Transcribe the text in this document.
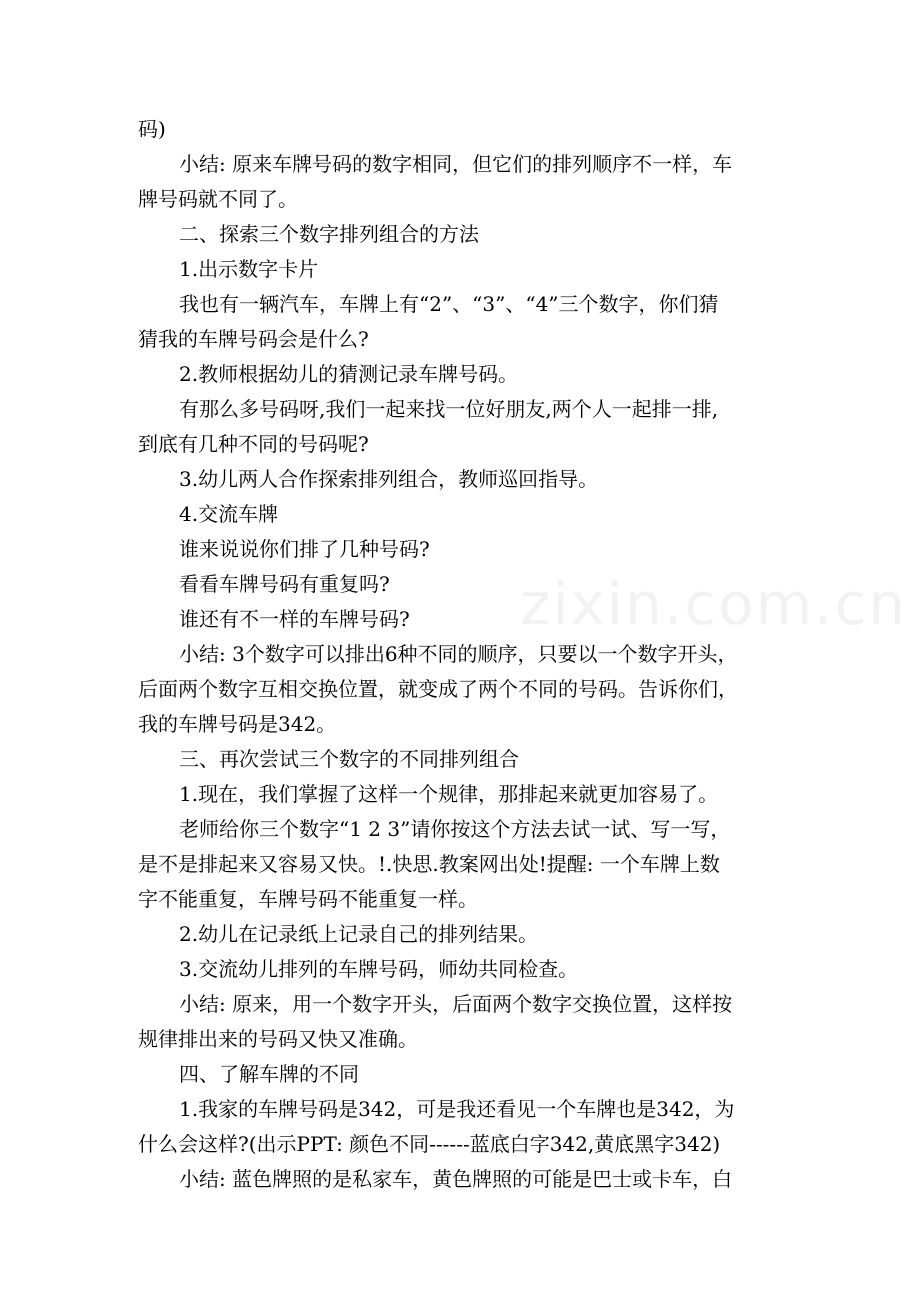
zixin.com.cn
码)
小结: 原来车牌号码的数字相同，但它们的排列顺序不一样，车
牌号码就不同了。
二、探索三个数字排列组合的方法
1.出示数字卡片
我也有一辆汽车，车牌上有“2”、“3”、“4”三个数字，你们猜
猜我的车牌号码会是什么?
2.教师根据幼儿的猜测记录车牌号码。
有那么多号码呀,我们一起来找一位好朋友,两个人一起排一排,
到底有几种不同的号码呢?
3.幼儿两人合作探索排列组合，教师巡回指导。
4.交流车牌
谁来说说你们排了几种号码?
看看车牌号码有重复吗?
谁还有不一样的车牌号码?
小结: 3个数字可以排出6种不同的顺序，只要以一个数字开头，
后面两个数字互相交换位置，就变成了两个不同的号码。告诉你们，
我的车牌号码是342。
三、再次尝试三个数字的不同排列组合
1.现在，我们掌握了这样一个规律，那排起来就更加容易了。
老师给你三个数字“1 2 3”请你按这个方法去试一试、写一写，
是不是排起来又容易又快。!.快思.教案网出处!提醒: 一个车牌上数
字不能重复，车牌号码不能重复一样。
2.幼儿在记录纸上记录自己的排列结果。
3.交流幼儿排列的车牌号码，师幼共同检查。
小结: 原来，用一个数字开头，后面两个数字交换位置，这样按
规律排出来的号码又快又准确。
四、了解车牌的不同
1.我家的车牌号码是342，可是我还看见一个车牌也是342，为
什么会这样?(出示PPT: 颜色不同------蓝底白字342,黄底黑字342)
小结: 蓝色牌照的是私家车，黄色牌照的可能是巴士或卡车，白
